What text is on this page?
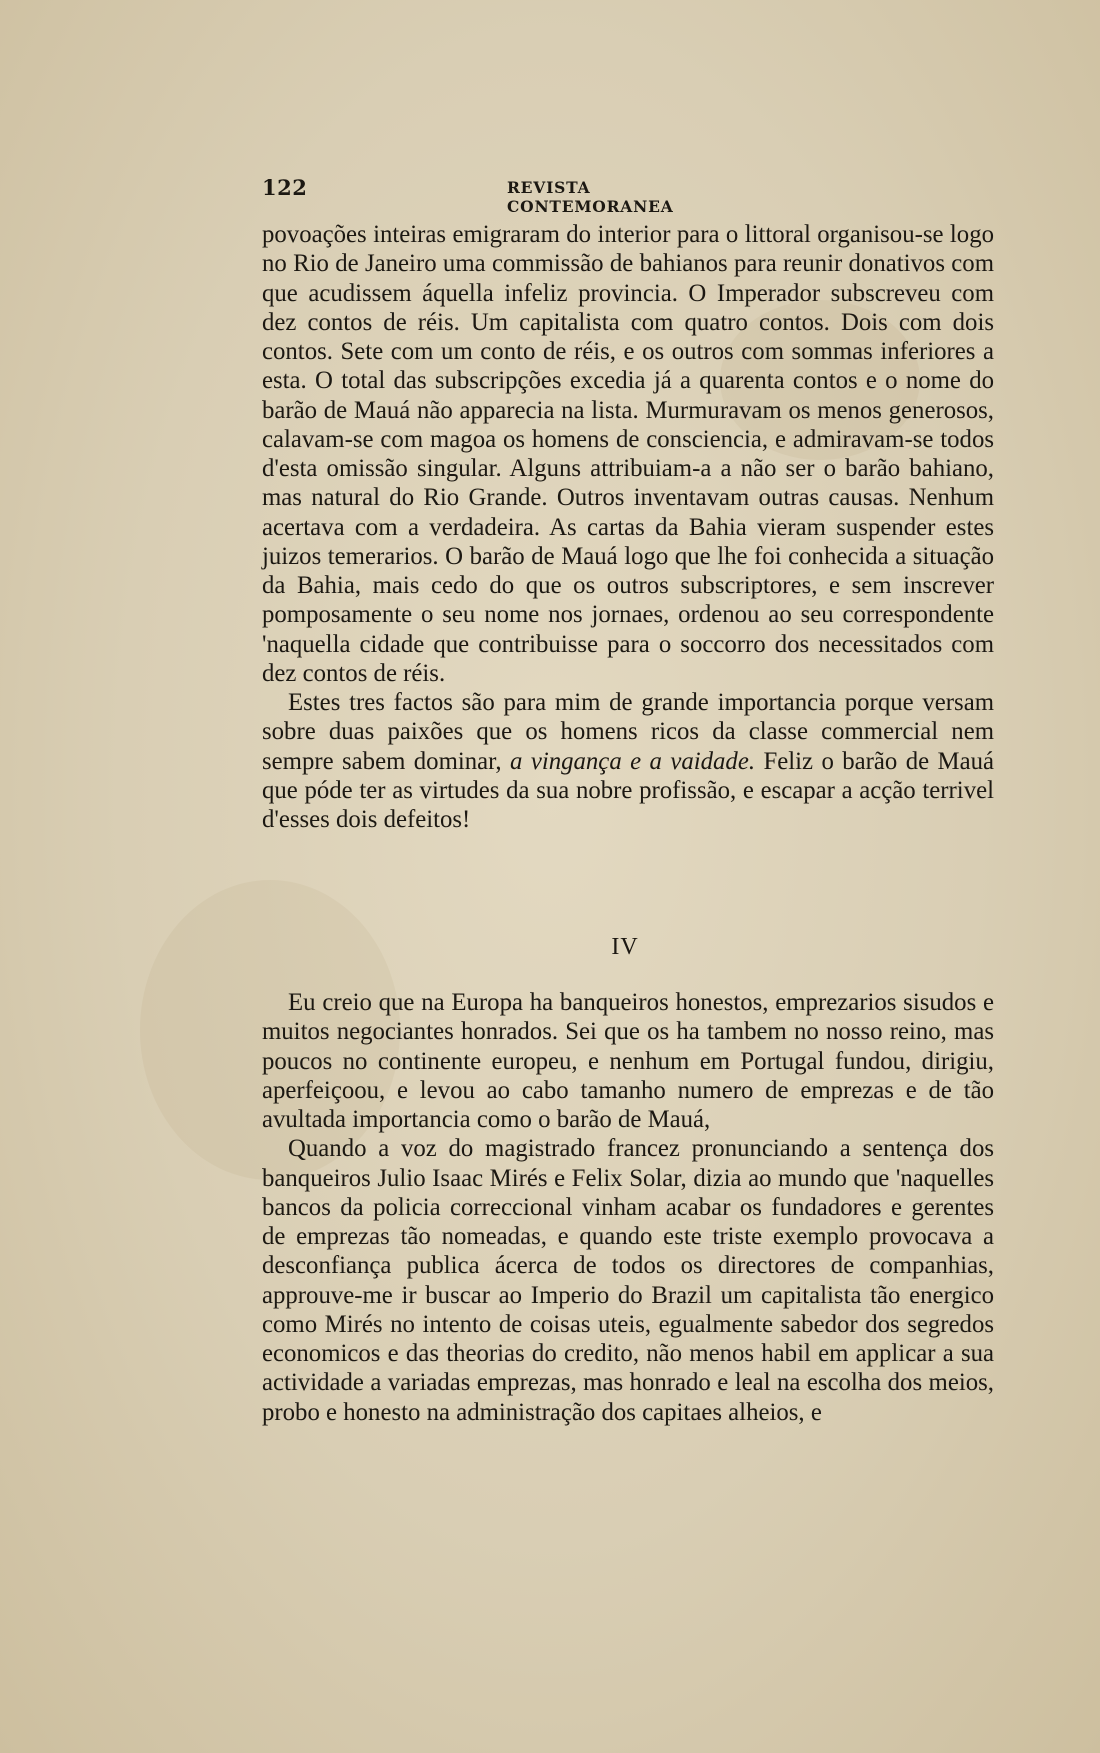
122	REVISTA CONTEMORANEA

povoações inteiras emigraram do interior para o littoral organisou-se logo no Rio de Janeiro uma commissão de bahianos para reunir donativos com que acudissem áquella infeliz provincia. O Imperador subscreveu com dez contos de réis. Um capitalista com quatro contos. Dois com dois contos. Sete com um conto de réis, e os outros com sommas inferiores a esta. O total das subscripções excedia já a quarenta contos e o nome do barão de Mauá não apparecia na lista. Murmuravam os menos generosos, calavam-se com magoa os homens de consciencia, e admiravam-se todos d'esta omissão singular. Alguns attribuiam-a a não ser o barão bahiano, mas natural do Rio Grande. Outros inventavam outras causas. Nenhum acertava com a verdadeira. As cartas da Bahia vieram suspender estes juizos temerarios. O barão de Mauá logo que lhe foi conhecida a situação da Bahia, mais cedo do que os outros subscriptores, e sem inscrever pomposamente o seu nome nos jornaes, ordenou ao seu correspondente 'naquella cidade que contribuisse para o soccorro dos necessitados com dez contos de réis.

Estes tres factos são para mim de grande importancia porque versam sobre duas paixões que os homens ricos da classe commercial nem sempre sabem dominar, a vingança e a vaidade. Feliz o barão de Mauá que póde ter as virtudes da sua nobre profissão, e escapar a acção terrivel d'esses dois defeitos!

IV

Eu creio que na Europa ha banqueiros honestos, emprezarios sisudos e muitos negociantes honrados. Sei que os ha tambem no nosso reino, mas poucos no continente europeu, e nenhum em Portugal fundou, dirigiu, aperfeiçoou, e levou ao cabo tamanho numero de emprezas e de tão avultada importancia como o barão de Mauá,

Quando a voz do magistrado francez pronunciando a sentença dos banqueiros Julio Isaac Mirés e Felix Solar, dizia ao mundo que 'naquelles bancos da policia correccional vinham acabar os fundadores e gerentes de emprezas tão nomeadas, e quando este triste exemplo provocava a desconfiança publica ácerca de todos os directores de companhias, approuve-me ir buscar ao Imperio do Brazil um capitalista tão energico como Mirés no intento de coisas uteis, egualmente sabedor dos segredos economicos e das theorias do credito, não menos habil em applicar a sua actividade a variadas emprezas, mas honrado e leal na escolha dos meios, probo e honesto na administração dos capitaes alheios, e
